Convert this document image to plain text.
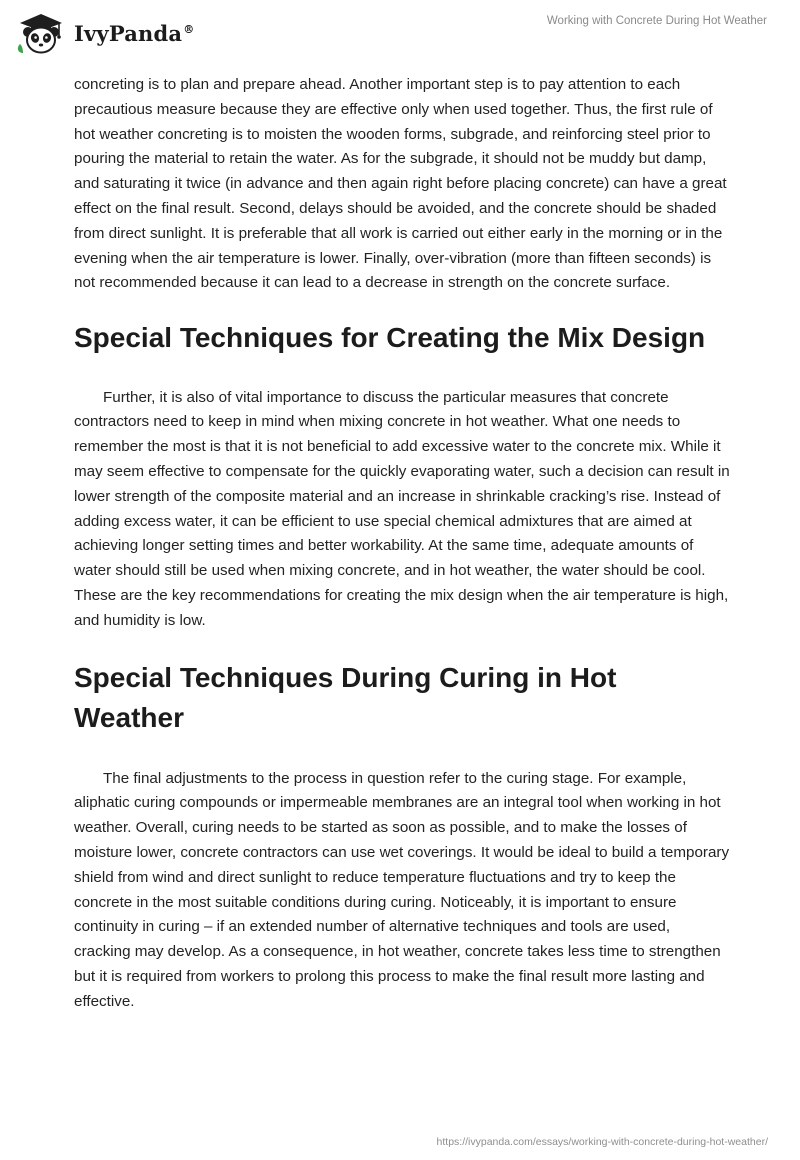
IvyPanda®
Working with Concrete During Hot Weather

concreting is to plan and prepare ahead. Another important step is to pay attention to each precautious measure because they are effective only when used together. Thus, the first rule of hot weather concreting is to moisten the wooden forms, subgrade, and reinforcing steel prior to pouring the material to retain the water. As for the subgrade, it should not be muddy but damp, and saturating it twice (in advance and then again right before placing concrete) can have a great effect on the final result. Second, delays should be avoided, and the concrete should be shaded from direct sunlight. It is preferable that all work is carried out either early in the morning or in the evening when the air temperature is lower. Finally, over-vibration (more than fifteen seconds) is not recommended because it can lead to a decrease in strength on the concrete surface.

Special Techniques for Creating the Mix Design

Further, it is also of vital importance to discuss the particular measures that concrete contractors need to keep in mind when mixing concrete in hot weather. What one needs to remember the most is that it is not beneficial to add excessive water to the concrete mix. While it may seem effective to compensate for the quickly evaporating water, such a decision can result in lower strength of the composite material and an increase in shrinkable cracking’s rise. Instead of adding excess water, it can be efficient to use special chemical admixtures that are aimed at achieving longer setting times and better workability. At the same time, adequate amounts of water should still be used when mixing concrete, and in hot weather, the water should be cool. These are the key recommendations for creating the mix design when the air temperature is high, and humidity is low.

Special Techniques During Curing in Hot Weather

The final adjustments to the process in question refer to the curing stage. For example, aliphatic curing compounds or impermeable membranes are an integral tool when working in hot weather. Overall, curing needs to be started as soon as possible, and to make the losses of moisture lower, concrete contractors can use wet coverings. It would be ideal to build a temporary shield from wind and direct sunlight to reduce temperature fluctuations and try to keep the concrete in the most suitable conditions during curing. Noticeably, it is important to ensure continuity in curing – if an extended number of alternative techniques and tools are used, cracking may develop. As a consequence, in hot weather, concrete takes less time to strengthen but it is required from workers to prolong this process to make the final result more lasting and effective.

https://ivypanda.com/essays/working-with-concrete-during-hot-weather/
